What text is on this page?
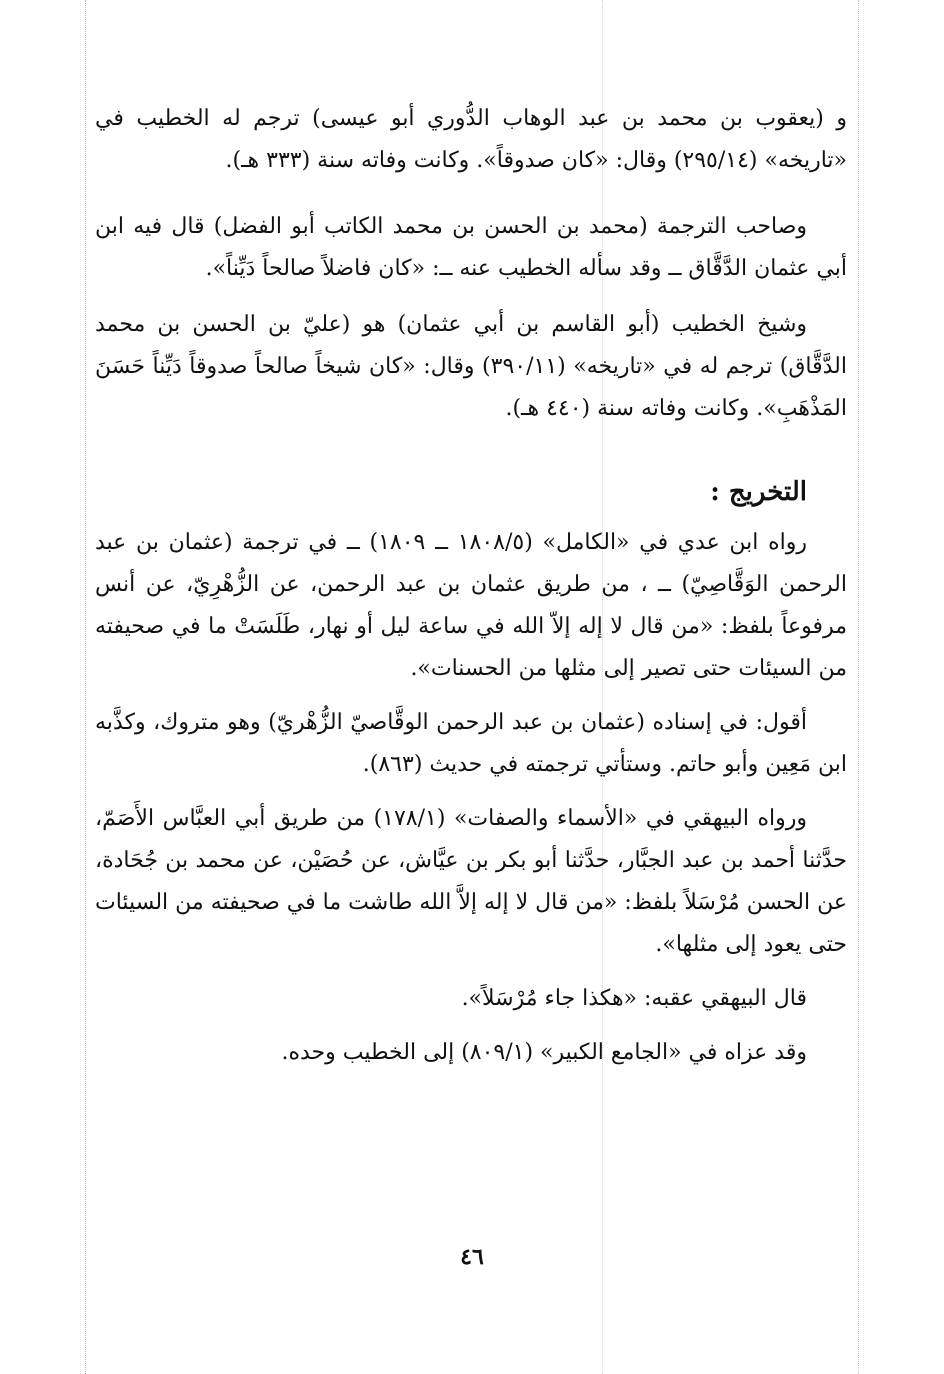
و (يعقوب بن محمد بن عبد الوهاب الدُّوري أبو عيسى) ترجم له الخطيب في «تاريخه» (٢٩٥/١٤) وقال: «كان صدوقاً». وكانت وفاته سنة (٣٣٣ هـ).

وصاحب الترجمة (محمد بن الحسن بن محمد الكاتب أبو الفضل) قال فيه ابن أبي عثمان الدَّقَّاق ــ وقد سأله الخطيب عنه ــ: «كان فاضلاً صالحاً دَيِّناً».

وشيخ الخطيب (أبو القاسم بن أبي عثمان) هو (عليّ بن الحسن بن محمد الدَّقَّاق) ترجم له في «تاريخه» (٣٩٠/١١) وقال: «كان شيخاً صالحاً صدوقاً دَيِّناً حَسَنَ المَذْهَبِ». وكانت وفاته سنة (٤٤٠ هـ).

التخريج :

رواه ابن عدي في «الكامل» (١٨٠٨/٥ ــ ١٨٠٩) ــ في ترجمة (عثمان بن عبد الرحمن الوَقَّاصِيّ) ــ ، من طريق عثمان بن عبد الرحمن، عن الزُّهْرِيّ، عن أنس مرفوعاً بلفظ: «من قال لا إله إلاّ الله في ساعة ليل أو نهار، طَلَسَتْ ما في صحيفته من السيئات حتى تصير إلى مثلها من الحسنات».

أقول: في إسناده (عثمان بن عبد الرحمن الوقَّاصيّ الزُّهْريّ) وهو متروك، وكذَّبه ابن مَعِين وأبو حاتم. وستأتي ترجمته في حديث (٨٦٣).

ورواه البيهقي في «الأسماء والصفات» (١٧٨/١) من طريق أبي العبَّاس الأَصَمّ، حدَّثنا أحمد بن عبد الجبَّار، حدَّثنا أبو بكر بن عيَّاش، عن حُصَيْن، عن محمد بن جُحَادة، عن الحسن مُرْسَلاً بلفظ: «من قال لا إله إلاَّ الله طاشت ما في صحيفته من السيئات حتى يعود إلى مثلها».

قال البيهقي عقبه: «هكذا جاء مُرْسَلاً».

وقد عزاه في «الجامع الكبير» (٨٠٩/١) إلى الخطيب وحده.

٤٦
